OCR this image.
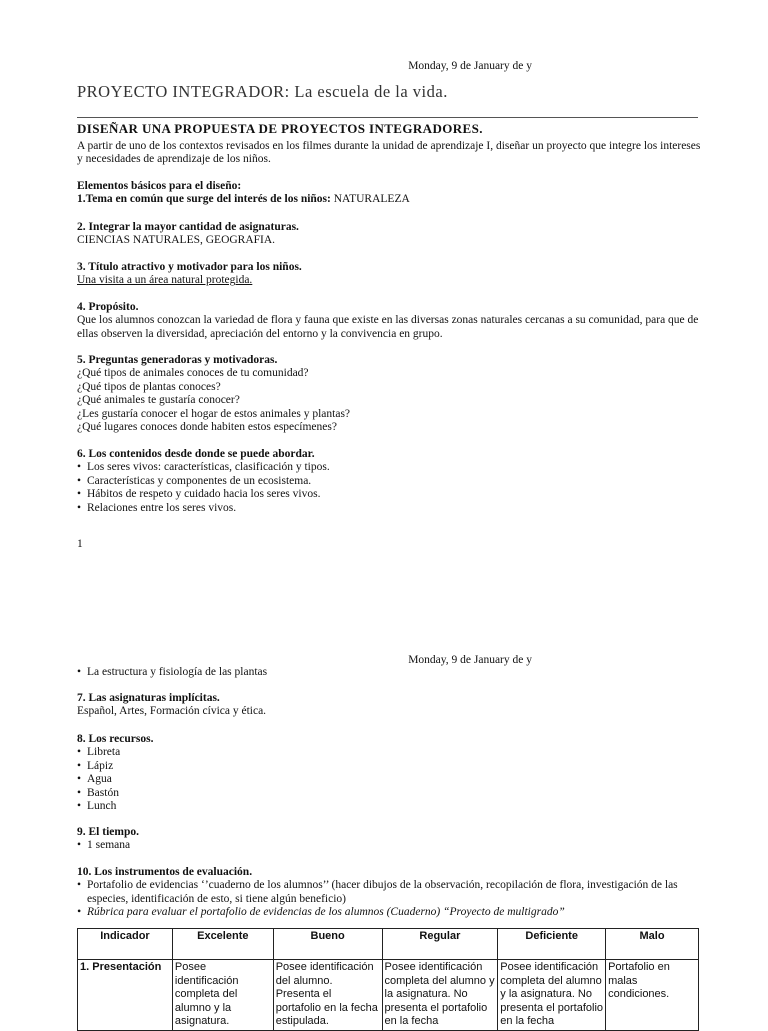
Monday, 9 de January de y
PROYECTO INTEGRADOR: La escuela de la vida.
DISEÑAR UNA PROPUESTA DE PROYECTOS INTEGRADORES.
A partir de uno de los contextos revisados en los filmes durante la unidad de aprendizaje I, diseñar un proyecto que integre los intereses y necesidades de aprendizaje de los niños.
Elementos básicos para el diseño:
1.Tema en común que surge del interés de los niños: NATURALEZA
2. Integrar la mayor cantidad de asignaturas.
CIENCIAS NATURALES, GEOGRAFIA.
3. Título atractivo y motivador para los niños.
Una visita a un área natural protegida.
4. Propósito.
Que los alumnos conozcan la variedad de flora y fauna que existe en las diversas zonas naturales cercanas a su comunidad, para que de ellas observen la diversidad, apreciación del entorno y la convivencia en grupo.
5. Preguntas generadoras y motivadoras.
¿Qué tipos de animales conoces de tu comunidad?
¿Qué tipos de plantas conoces?
¿Qué animales te gustaría conocer?
¿Les gustaría conocer el hogar de estos animales y plantas?
¿Qué lugares conoces donde habiten estos especímenes?
6. Los contenidos desde donde se puede abordar.
• Los seres vivos: características, clasificación y tipos.
• Características y componentes de un ecosistema.
• Hábitos de respeto y cuidado hacia los seres vivos.
• Relaciones entre los seres vivos.
1
Monday, 9 de January de y
• La estructura y fisiología de las plantas
7. Las asignaturas implícitas.
Español, Artes, Formación cívica y ética.
8. Los recursos.
• Libreta
• Lápiz
• Agua
• Bastón
• Lunch
9. El tiempo.
• 1 semana
10. Los instrumentos de evaluación.
• Portafolio de evidencias ‘’cuaderno de los alumnos’’ (hacer dibujos de la observación, recopilación de flora, investigación de las especies, identificación de esto, si tiene algún beneficio)
• Rúbrica para evaluar el portafolio de evidencias de los alumnos (Cuaderno) “Proyecto de multigrado”
Indicador	Excelente	Bueno	Regular	Deficiente	Malo
1. Presentación	Posee identificación completa del alumno y la asignatura.	Posee identificación del alumno. Presenta el portafolio en la fecha estipulada.	Posee identificación completa del alumno y la asignatura. No presenta el portafolio en la fecha	Posee identificación completa del alumno y la asignatura. No presenta el portafolio en la fecha	Portafolio en malas condiciones.
